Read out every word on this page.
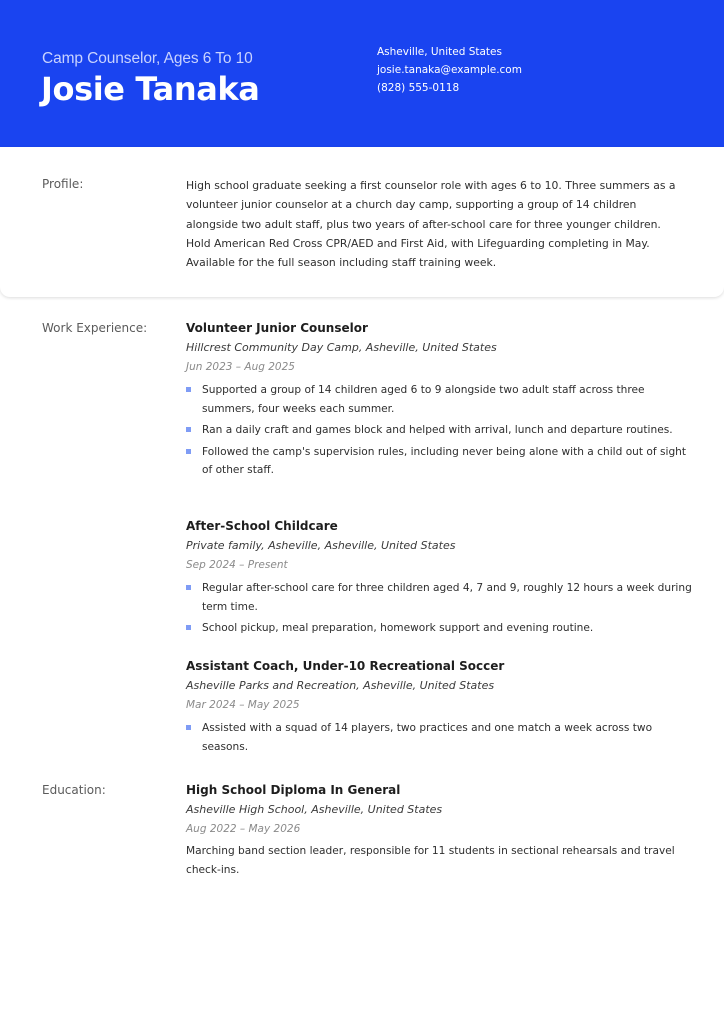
Camp Counselor, Ages 6 To 10
Josie Tanaka
Asheville, United States
josie.tanaka@example.com
(828) 555-0118
Profile:	High school graduate seeking a first counselor role with ages 6 to 10. Three summers as a volunteer junior counselor at a church day camp, supporting a group of 14 children alongside two adult staff, plus two years of after-school care for three younger children. Hold American Red Cross CPR/AED and First Aid, with Lifeguarding completing in May. Available for the full season including staff training week.
Work Experience:	Volunteer Junior Counselor
Hillcrest Community Day Camp, Asheville, United States
Jun 2023 – Aug 2025
Supported a group of 14 children aged 6 to 9 alongside two adult staff across three summers, four weeks each summer.
Ran a daily craft and games block and helped with arrival, lunch and departure routines.
Followed the camp's supervision rules, including never being alone with a child out of sight of other staff.
After-School Childcare
Private family, Asheville, Asheville, United States
Sep 2024 – Present
Regular after-school care for three children aged 4, 7 and 9, roughly 12 hours a week during term time.
School pickup, meal preparation, homework support and evening routine.
Assistant Coach, Under-10 Recreational Soccer
Asheville Parks and Recreation, Asheville, United States
Mar 2024 – May 2025
Assisted with a squad of 14 players, two practices and one match a week across two seasons.
Education:	High School Diploma In General
Asheville High School, Asheville, United States
Aug 2022 – May 2026
Marching band section leader, responsible for 11 students in sectional rehearsals and travel check-ins.
